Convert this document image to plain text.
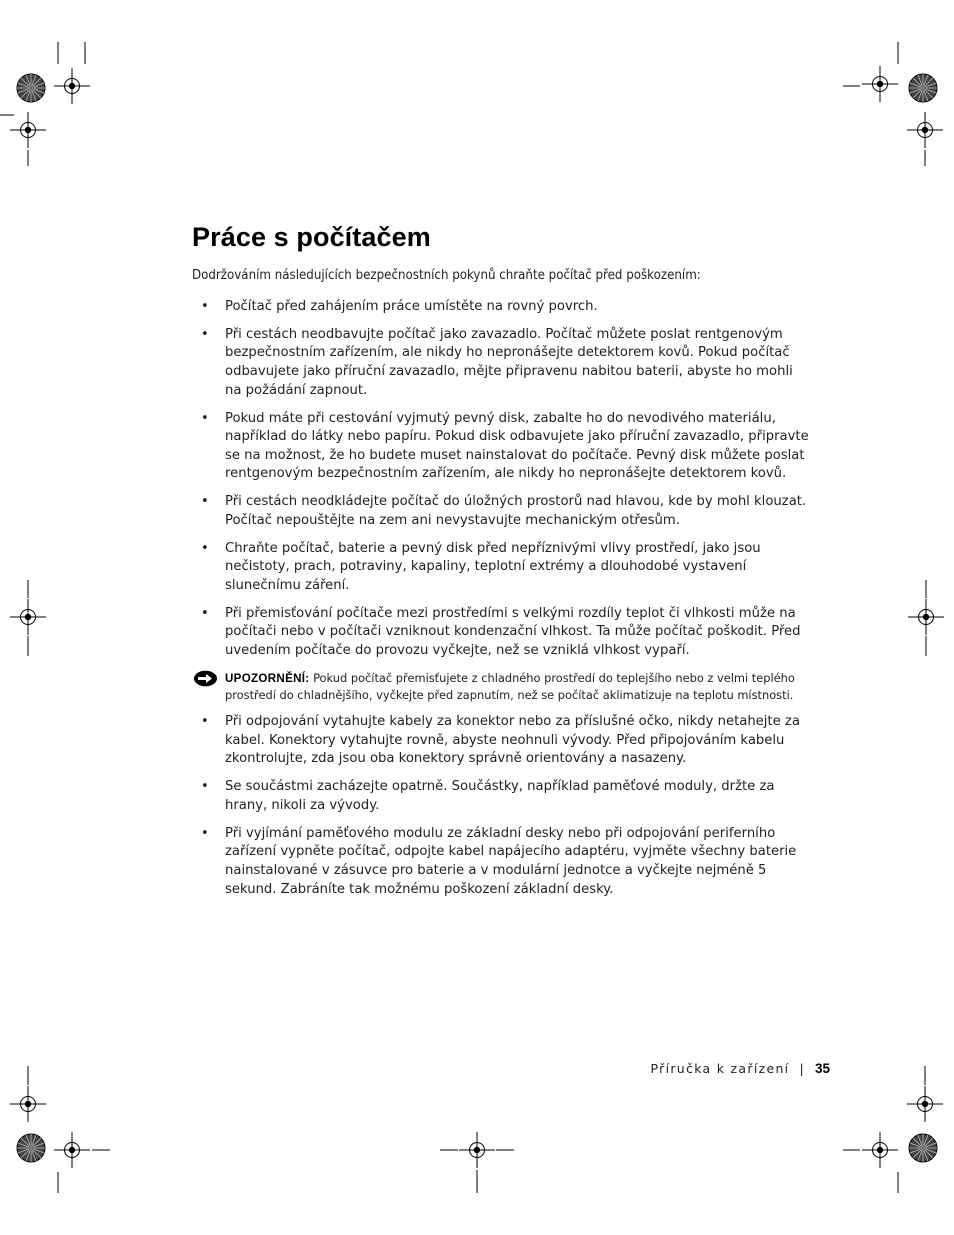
Práce s počítačem

Dodržováním následujících bezpečnostních pokynů chraňte počítač před poškozením:

• Počítač před zahájením práce umístěte na rovný povrch.
• Při cestách neodbavujte počítač jako zavazadlo. Počítač můžete poslat rentgenovým bezpečnostním zařízením, ale nikdy ho nepronášejte detektorem kovů. Pokud počítač odbavujete jako příruční zavazadlo, mějte připravenu nabitou baterii, abyste ho mohli na požádání zapnout.
• Pokud máte při cestování vyjmutý pevný disk, zabalte ho do nevodivého materiálu, například do látky nebo papíru. Pokud disk odbavujete jako příruční zavazadlo, připravte se na možnost, že ho budete muset nainstalovat do počítače. Pevný disk můžete poslat rentgenovým bezpečnostním zařízením, ale nikdy ho nepronášejte detektorem kovů.
• Při cestách neodkládejte počítač do úložných prostorů nad hlavou, kde by mohl klouzat. Počítač nepouštějte na zem ani nevystavujte mechanickým otřesům.
• Chraňte počítač, baterie a pevný disk před nepříznivými vlivy prostředí, jako jsou nečistoty, prach, potraviny, kapaliny, teplotní extrémy a dlouhodobé vystavení slunečnímu záření.
• Při přemisťování počítače mezi prostředími s velkými rozdíly teplot či vlhkosti může na počítači nebo v počítači vzniknout kondenzační vlhkost. Ta může počítač poškodit. Před uvedením počítače do provozu vyčkejte, než se vzniklá vlhkost vypaří.
UPOZORNĚNÍ: Pokud počítač přemisťujete z chladného prostředí do teplejšího nebo z velmi teplého prostředí do chladnějšího, vyčkejte před zapnutím, než se počítač aklimatizuje na teplotu místnosti.
• Při odpojování vytahujte kabely za konektor nebo za příslušné očko, nikdy netahejte za kabel. Konektory vytahujte rovně, abyste neohnuli vývody. Před připojováním kabelu zkontrolujte, zda jsou oba konektory správně orientovány a nasazeny.
• Se součástmi zacházejte opatrně. Součástky, například paměťové moduly, držte za hrany, nikoli za vývody.
• Při vyjímání paměťového modulu ze základní desky nebo při odpojování periferního zařízení vypněte počítač, odpojte kabel napájecího adaptéru, vyjměte všechny baterie nainstalované v zásuvce pro baterie a v modulární jednotce a vyčkejte nejméně 5 sekund. Zabráníte tak možnému poškození základní desky.
Příručka k zařízení | 35
